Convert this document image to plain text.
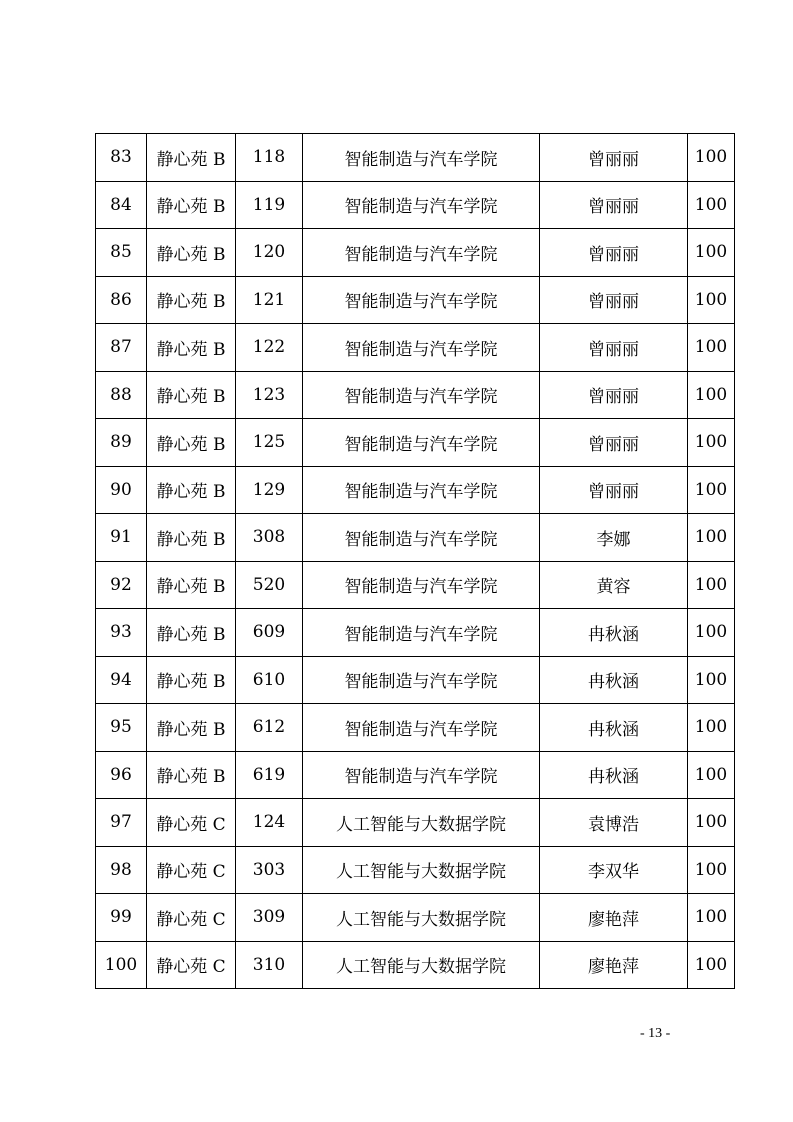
83	静心苑 B	118	智能制造与汽车学院	曾丽丽	100
84	静心苑 B	119	智能制造与汽车学院	曾丽丽	100
85	静心苑 B	120	智能制造与汽车学院	曾丽丽	100
86	静心苑 B	121	智能制造与汽车学院	曾丽丽	100
87	静心苑 B	122	智能制造与汽车学院	曾丽丽	100
88	静心苑 B	123	智能制造与汽车学院	曾丽丽	100
89	静心苑 B	125	智能制造与汽车学院	曾丽丽	100
90	静心苑 B	129	智能制造与汽车学院	曾丽丽	100
91	静心苑 B	308	智能制造与汽车学院	李娜	100
92	静心苑 B	520	智能制造与汽车学院	黄容	100
93	静心苑 B	609	智能制造与汽车学院	冉秋涵	100
94	静心苑 B	610	智能制造与汽车学院	冉秋涵	100
95	静心苑 B	612	智能制造与汽车学院	冉秋涵	100
96	静心苑 B	619	智能制造与汽车学院	冉秋涵	100
97	静心苑 C	124	人工智能与大数据学院	袁博浩	100
98	静心苑 C	303	人工智能与大数据学院	李双华	100
99	静心苑 C	309	人工智能与大数据学院	廖艳萍	100
100	静心苑 C	310	人工智能与大数据学院	廖艳萍	100
- 13 -
